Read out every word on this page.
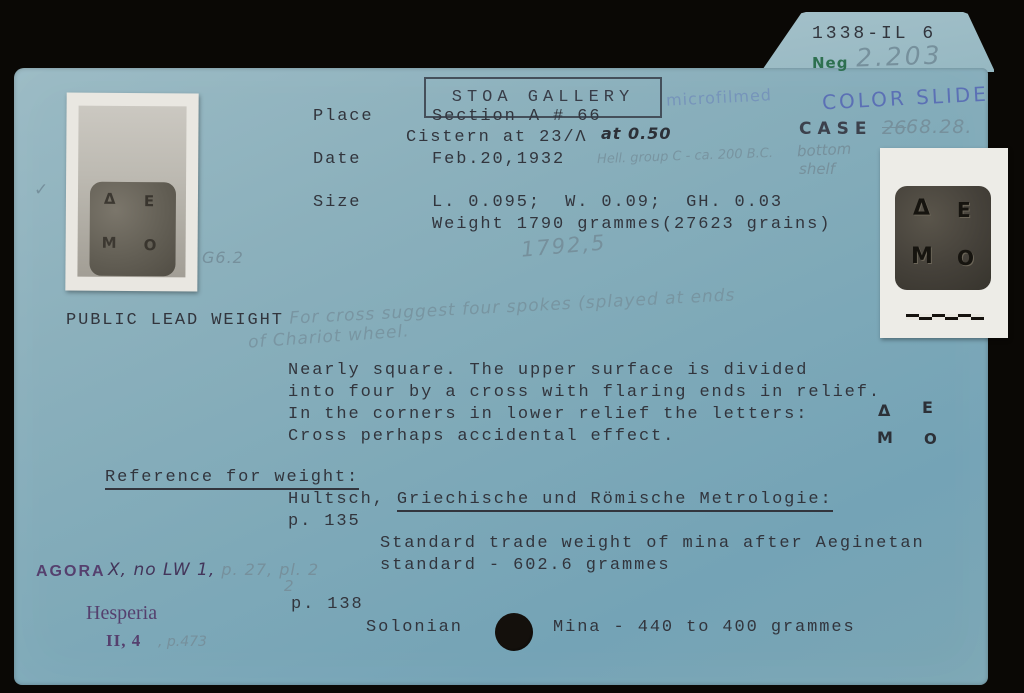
1338-IL 6
Neg 2.203
COLOR SLIDE
CASE 26 68.28.
bottom
shelf
microfilmed
Δ E
M O
✓
G6.2
Δ E
M O
Place	Section A # 66
Cistern at 23/Λ at 0.50
STOA GALLERY
Date	Feb.20,1932 Hell. group C - ca. 200 B.C.
Size	L. 0.095;  W. 0.09;  GH. 0.03
Weight 1790 grammes(27623 grains)
1792,5
PUBLIC LEAD WEIGHT For cross suggest four spokes (splayed at ends
of Chariot wheel.
Nearly square. The upper surface is divided
into four by a cross with flaring ends in relief.
In the corners in lower relief the letters:
Cross perhaps accidental effect.
Δ E
M O
Reference for weight:
Hultsch, Griechische und Römische Metrologie:
p. 135
Standard trade weight of mina after Aeginetan
standard - 602.6 grammes
2
p. 138
Solonian	Mina - 440 to 400 grammes
AGORA X, no LW 1, p. 27, pl. 2
Hesperia
II, 4 , p.473
